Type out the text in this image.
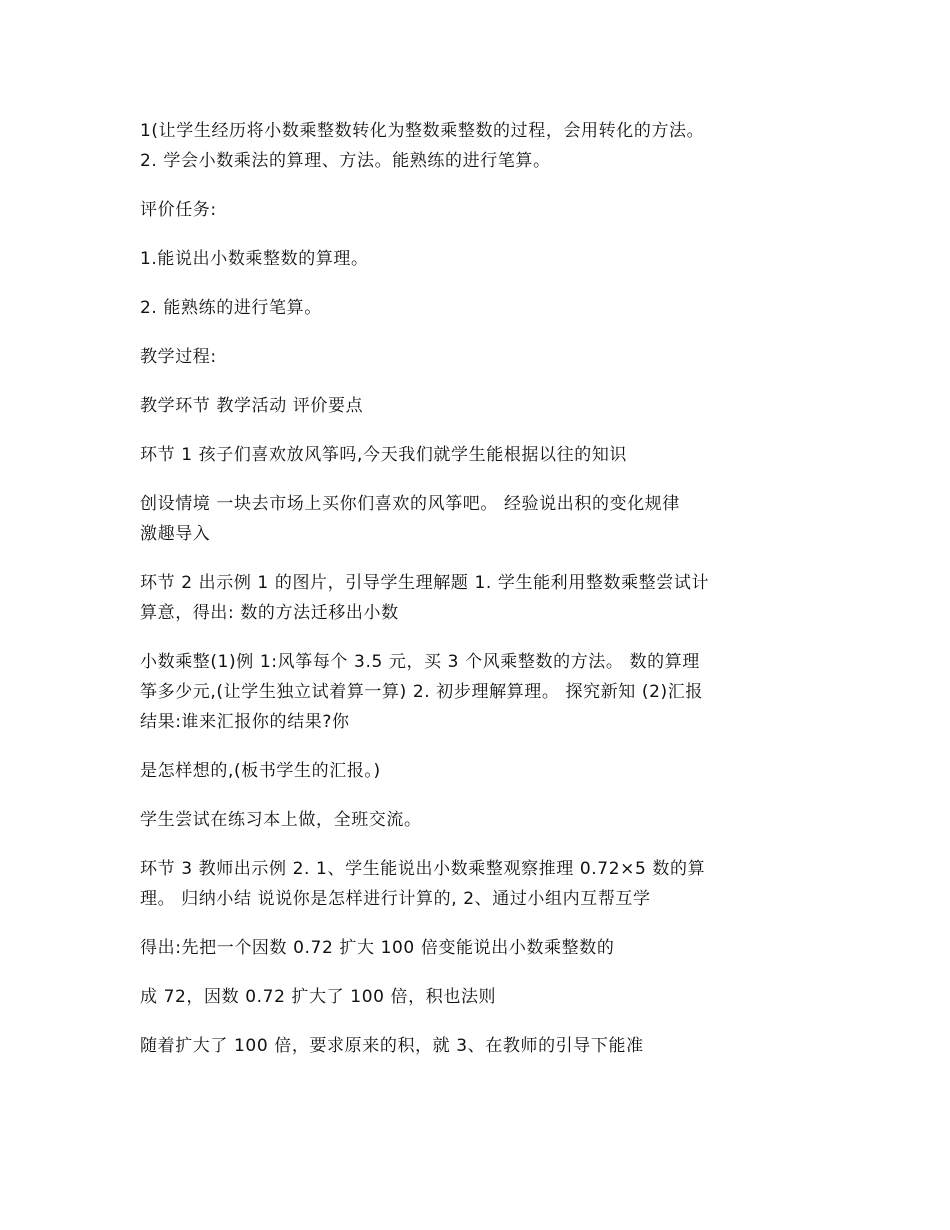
1(让学生经历将小数乘整数转化为整数乘整数的过程，会用转化的方法。
2. 学会小数乘法的算理、方法。能熟练的进行笔算。

评价任务:

1.能说出小数乘整数的算理。

2. 能熟练的进行笔算。

教学过程:

教学环节 教学活动 评价要点

环节 1 孩子们喜欢放风筝吗,今天我们就学生能根据以往的知识

创设情境 一块去市场上买你们喜欢的风筝吧。 经验说出积的变化规律
激趣导入

环节 2 出示例 1 的图片，引导学生理解题 1. 学生能利用整数乘整尝试计
算意，得出: 数的方法迁移出小数

小数乘整(1)例 1:风筝每个 3.5 元，买 3 个风乘整数的方法。 数的算理
筝多少元,(让学生独立试着算一算) 2. 初步理解算理。 探究新知 (2)汇报
结果:谁来汇报你的结果?你

是怎样想的,(板书学生的汇报。)

学生尝试在练习本上做，全班交流。

环节 3 教师出示例 2. 1、学生能说出小数乘整观察推理 0.72×5 数的算
理。 归纳小结 说说你是怎样进行计算的, 2、通过小组内互帮互学

得出:先把一个因数 0.72 扩大 100 倍变能说出小数乘整数的

成 72，因数 0.72 扩大了 100 倍，积也法则

随着扩大了 100 倍，要求原来的积，就 3、在教师的引导下能准
